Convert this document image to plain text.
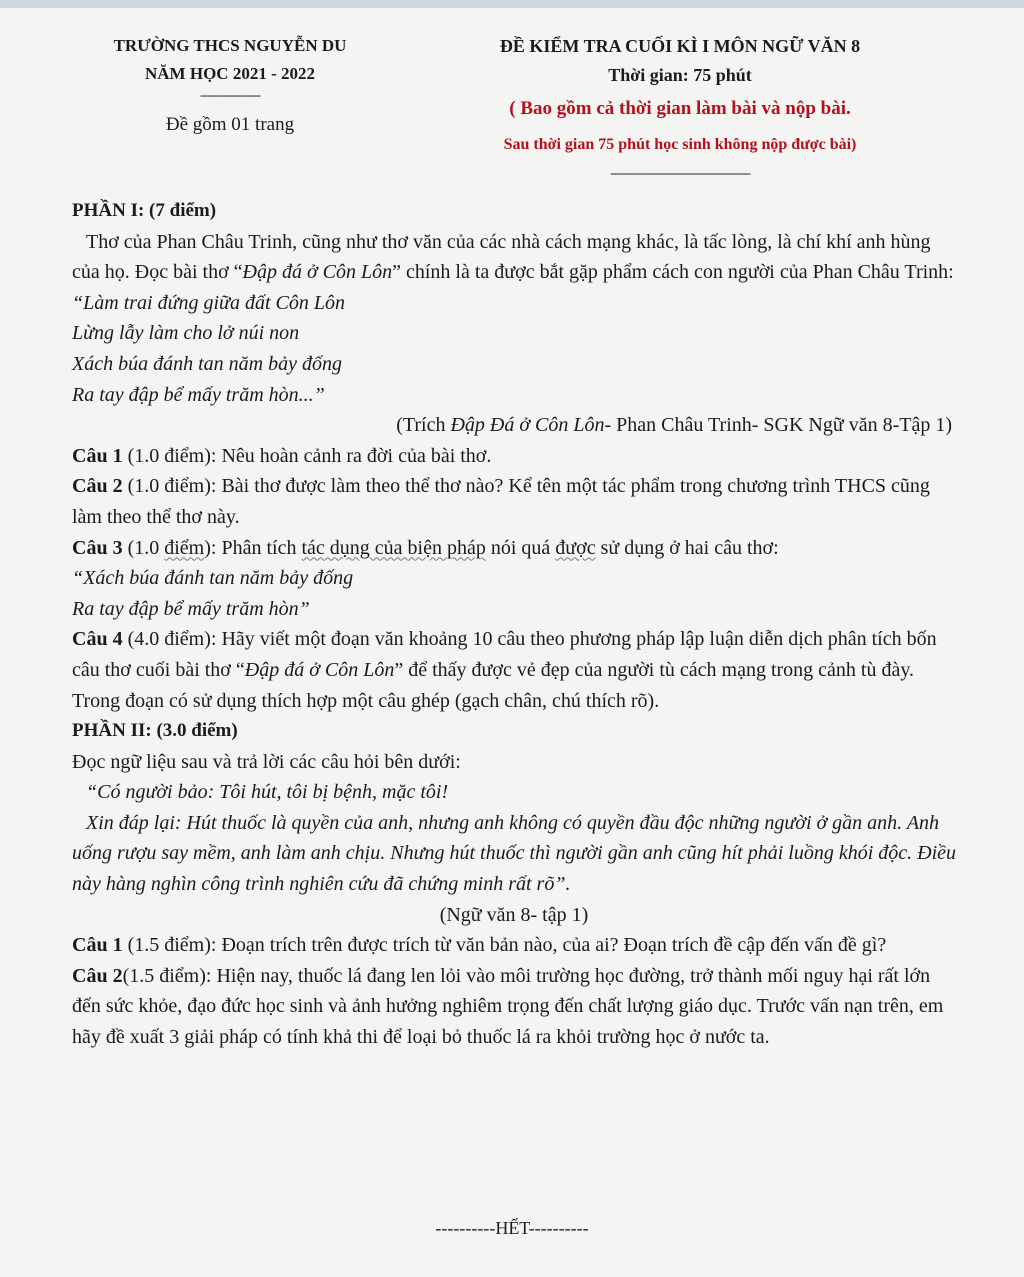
TRƯỜNG THCS NGUYỄN DU
NĂM HỌC 2021 - 2022
------------------
Đề gồm 01 trang
ĐỀ KIỂM TRA CUỐI KÌ I MÔN NGỮ VĂN 8
Thời gian: 75 phút
( Bao gồm cả thời gian làm bài và nộp bài.
Sau thời gian 75 phút học sinh không nộp được bài)
------------------------------------------

PHẦN I: (7 điểm)

Thơ của Phan Châu Trinh, cũng như thơ văn của các nhà cách mạng khác, là tấc lòng, là chí khí anh hùng của họ. Đọc bài thơ “Đập đá ở Côn Lôn” chính là ta được bắt gặp phẩm cách con người của Phan Châu Trinh:

“Làm trai đứng giữa đất Côn Lôn

Lừng lẫy làm cho lở núi non

Xách búa đánh tan năm bảy đống

Ra tay đập bể mấy trăm hòn...”

(Trích Đập Đá ở Côn Lôn- Phan Châu Trinh- SGK Ngữ văn 8-Tập 1)

Câu 1 (1.0 điểm): Nêu hoàn cảnh ra đời của bài thơ.

Câu 2 (1.0 điểm): Bài thơ được làm theo thể thơ nào? Kể tên một tác phẩm trong chương trình THCS cũng làm theo thể thơ này.

Câu 3 (1.0 điểm): Phân tích tác dụng của biện pháp nói quá được sử dụng ở hai câu thơ:

“Xách búa đánh tan năm bảy đống

Ra tay đập bể mấy trăm hòn”

Câu 4 (4.0 điểm): Hãy viết một đoạn văn khoảng 10 câu theo phương pháp lập luận diễn dịch phân tích bốn câu thơ cuối bài thơ “Đập đá ở Côn Lôn” để thấy được vẻ đẹp của người tù cách mạng trong cảnh tù đày. Trong đoạn có sử dụng thích hợp một câu ghép (gạch chân, chú thích rõ).

PHẦN II: (3.0 điểm)

Đọc ngữ liệu sau và trả lời các câu hỏi bên dưới:

“Có người bảo: Tôi hút, tôi bị bệnh, mặc tôi!

Xin đáp lại: Hút thuốc là quyền của anh, nhưng anh không có quyền đầu độc những người ở gần anh. Anh uống rượu say mềm, anh làm anh chịu. Nhưng hút thuốc thì người gần anh cũng hít phải luồng khói độc. Điều này hàng nghìn công trình nghiên cứu đã chứng minh rất rõ”.

(Ngữ văn 8- tập 1)

Câu 1 (1.5 điểm): Đoạn trích trên được trích từ văn bản nào, của ai? Đoạn trích đề cập đến vấn đề gì?

Câu 2(1.5 điểm): Hiện nay, thuốc lá đang len lỏi vào môi trường học đường, trở thành mối nguy hại rất lớn đến sức khỏe, đạo đức học sinh và ảnh hưởng nghiêm trọng đến chất lượng giáo dục. Trước vấn nạn trên, em hãy đề xuất 3 giải pháp có tính khả thi để loại bỏ thuốc lá ra khỏi trường học ở nước ta.

----------HẾT----------
